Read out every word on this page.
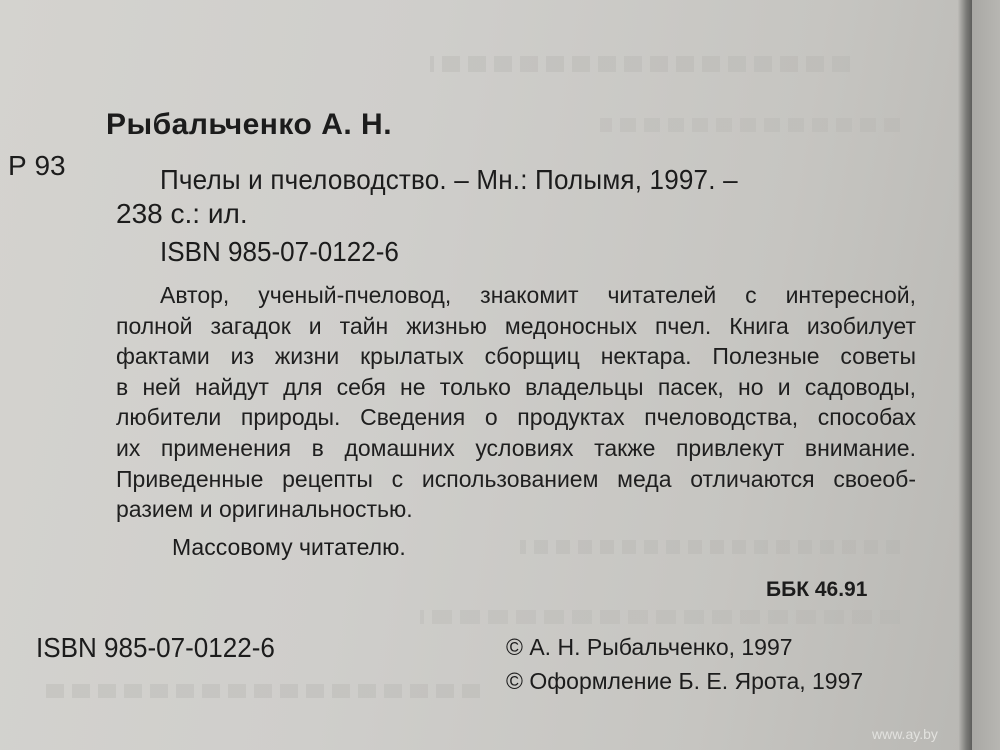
Рыбальченко А. Н.

Р 93	Пчелы и пчеловодство. – Мн.: Полымя, 1997. –

238 с.: ил.

ISBN 985-07-0122-6

Автор, ученый-пчеловод, знакомит читателей с интересной,
полной загадок и тайн жизнью медоносных пчел. Книга изобилует
фактами из жизни крылатых сборщиц нектара. Полезные советы
в ней найдут для себя не только владельцы пасек, но и садоводы,
любители природы. Сведения о продуктах пчеловодства, способах
их применения в домашних условиях также привлекут внимание.
Приведенные рецепты с использованием меда отличаются своеоб-
разием и оригинальностью.

Массовому читателю.

ББК 46.91

ISBN 985-07-0122-6	© А. Н. Рыбальченко, 1997

© Оформление Б. Е. Ярота, 1997

www.ay.by
